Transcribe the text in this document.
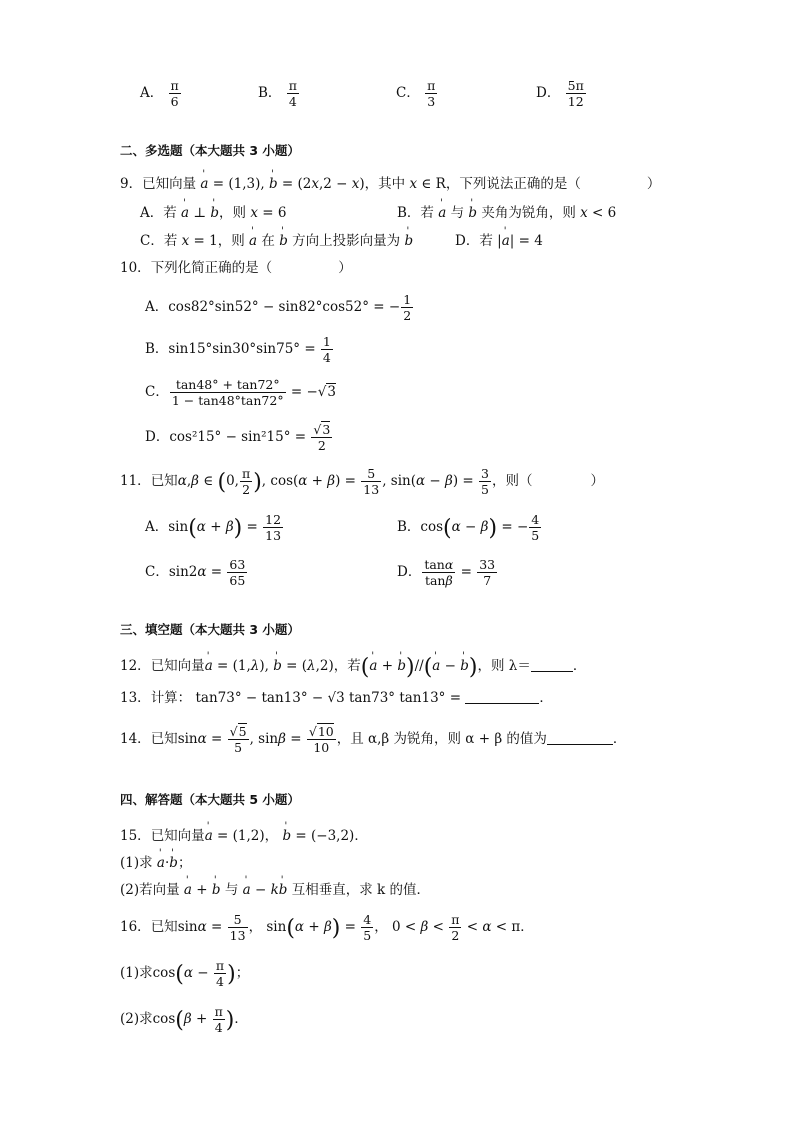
A． $\frac{\pi}{6}$	B． $\frac{\pi}{4}$	C． $\frac{\pi}{3}$	D． $\frac{5\pi}{12}$
二、多选题（本大题共 3 小题）
9．已知向量 ' a = (1,3), ' b = (2x,2 − x)，其中 x ∈ R，下列说法正确的是（	）
A．若 ' a ⊥ ' b，则 x = 6	B．若 ' a 与 ' b 夹角为锐角，则 x < 6
C．若 x = 1，则 ' a 在 ' b 方向上投影向量为 ' b	D．若 |' a| = 4
10．下列化简正确的是（	）
A．cos82°sin52° − sin82°cos52° = − $\frac{1}{2}$
B．$\sin 15^\circ\sin 30^\circ\sin 75^\circ = \frac{1}{4}$
C． $\frac{\tan 48^\circ + \tan 72^\circ}{1 - \tan 48^\circ\tan 72^\circ} = -√3$
D．$\cos^215^\circ - \sin^215^\circ = \frac{√3}{2}$
11．已知α,β ∈ (0, $\frac{\pi}{2}$ ), $\cos(\alpha + \beta) = \frac{5}{13}$ , $\sin(\alpha - \beta) = \frac{3}{5}$ ，则（	）
A．$\sin(\alpha + \beta) = \frac{12}{13}$	B．cos(α − β) = − $\frac{4}{5}$
C．$\sin 2\alpha = \frac{63}{65}$	D． $\frac{\tan\alpha}{\tan\beta} = \frac{33}{7}$
三、填空题（本大题共 3 小题）
12．已知向量' a = (1,λ), ' b = (λ,2)，若(' a + ' b)//(' a − ' b)，则 λ＝	．
13．计算： tan73° − tan13° − √3 tan73° tan13° =	．
14．已知$\sin\alpha = \frac{√5}{5}$ , $\sin\beta = \frac{√10}{10}$ ，且 α,β 为锐角，则 α + β 的值为	．
四、解答题（本大题共 5 小题）
15．已知向量' a = (1,2)， ' b = (−3,2)．
(1)求 ' a·' b；
(2)若向量 ' a + ' b 与 ' a − k' b 互相垂直，求 k 的值．
16．已知$\sin\alpha = \frac{5}{13}$ ， $\sin(\alpha + \beta) = \frac{4}{5}$ ， $0 < \beta < \frac{\pi}{2} < \alpha < \pi$．
(1)求$\cos(\alpha - \frac{\pi}{4}$ )；
(2)求$\cos(\beta + \frac{\pi}{4}$ )．
